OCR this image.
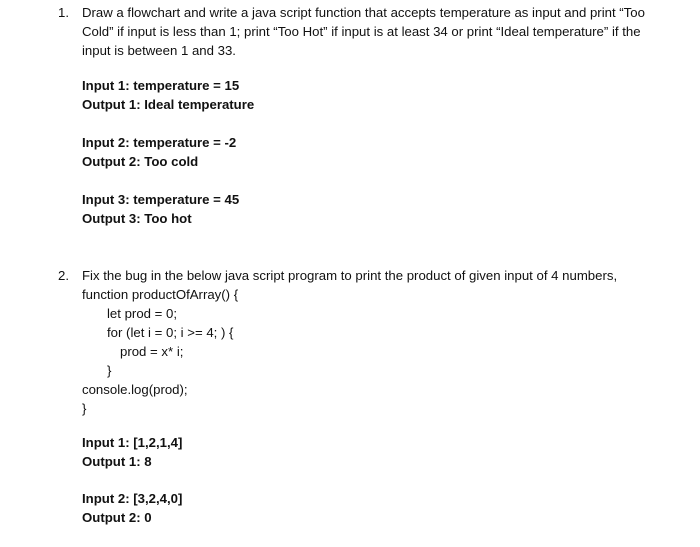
1. Draw a flowchart and write a java script function that accepts temperature as input and print “Too Cold” if input is less than 1; print “Too Hot” if input is at least 34 or print “Ideal temperature” if the input is between 1 and 33.

Input 1: temperature = 15
Output 1: Ideal temperature
Input 2: temperature = -2
Output 2: Too cold
Input 3: temperature = 45
Output 3: Too hot
2. Fix the bug in the below java script program to print the product of given input of 4 numbers,

function productOfArray() {
let prod = 0;
for (let i = 0; i >= 4; ) {
prod = x* i;
}
console.log(prod);
}
Input 1: [1,2,1,4]
Output 1: 8
Input 2: [3,2,4,0]
Output 2: 0
